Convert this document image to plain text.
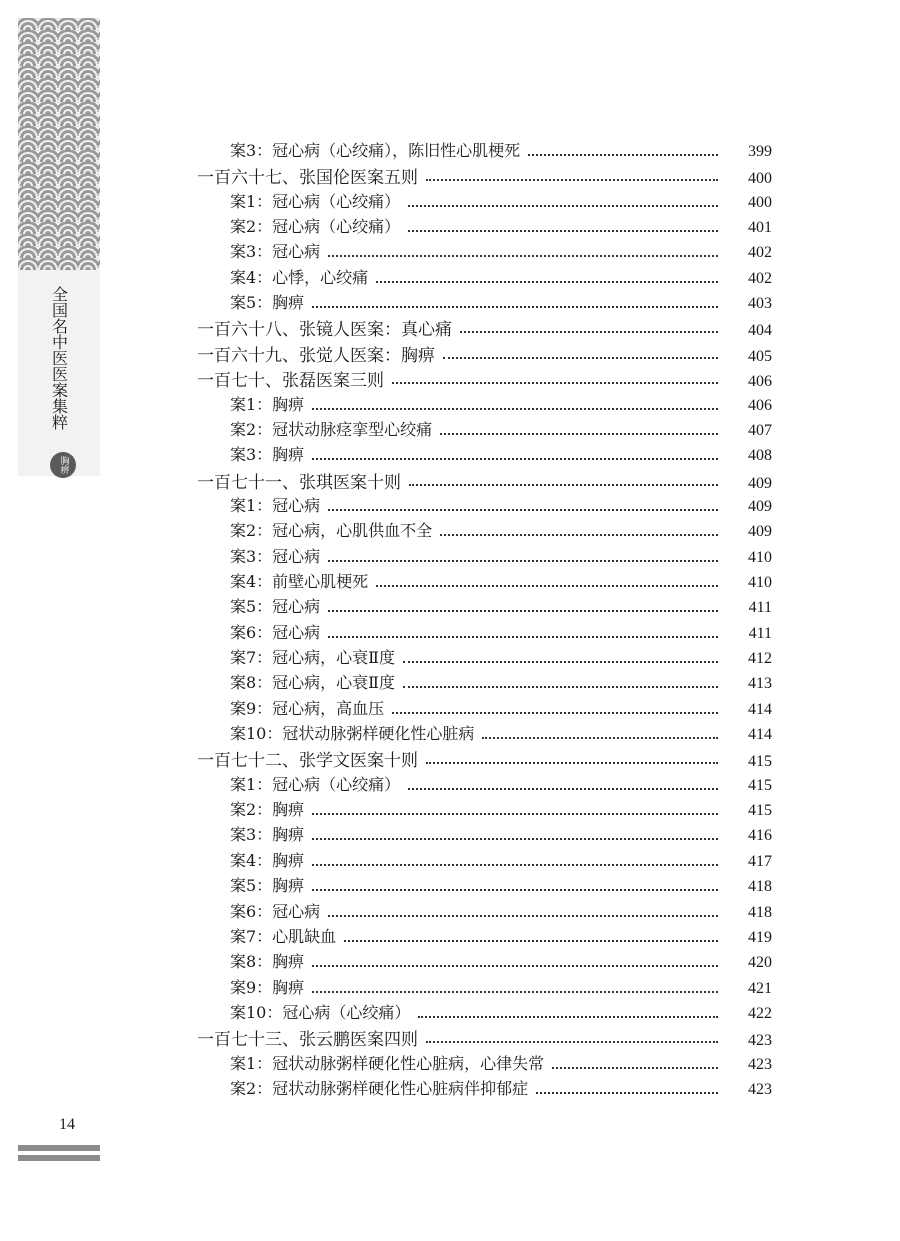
全国名中医医案集粹
胸痹
案3：冠心病（心绞痛），陈旧性心肌梗死	399
一百六十七、张国伦医案五则	400
案1：冠心病（心绞痛）	400
案2：冠心病（心绞痛）	401
案3：冠心病	402
案4：心悸，心绞痛	402
案5：胸痹	403
一百六十八、张镜人医案：真心痛	404
一百六十九、张觉人医案：胸痹	405
一百七十、张磊医案三则	406
案1：胸痹	406
案2：冠状动脉痉挛型心绞痛	407
案3：胸痹	408
一百七十一、张琪医案十则	409
案1：冠心病	409
案2：冠心病，心肌供血不全	409
案3：冠心病	410
案4：前壁心肌梗死	410
案5：冠心病	411
案6：冠心病	411
案7：冠心病，心衰Ⅱ度	412
案8：冠心病，心衰Ⅱ度	413
案9：冠心病，高血压	414
案10：冠状动脉粥样硬化性心脏病	414
一百七十二、张学文医案十则	415
案1：冠心病（心绞痛）	415
案2：胸痹	415
案3：胸痹	416
案4：胸痹	417
案5：胸痹	418
案6：冠心病	418
案7：心肌缺血	419
案8：胸痹	420
案9：胸痹	421
案10：冠心病（心绞痛）	422
一百七十三、张云鹏医案四则	423
案1：冠状动脉粥样硬化性心脏病，心律失常	423
案2：冠状动脉粥样硬化性心脏病伴抑郁症	423
14
